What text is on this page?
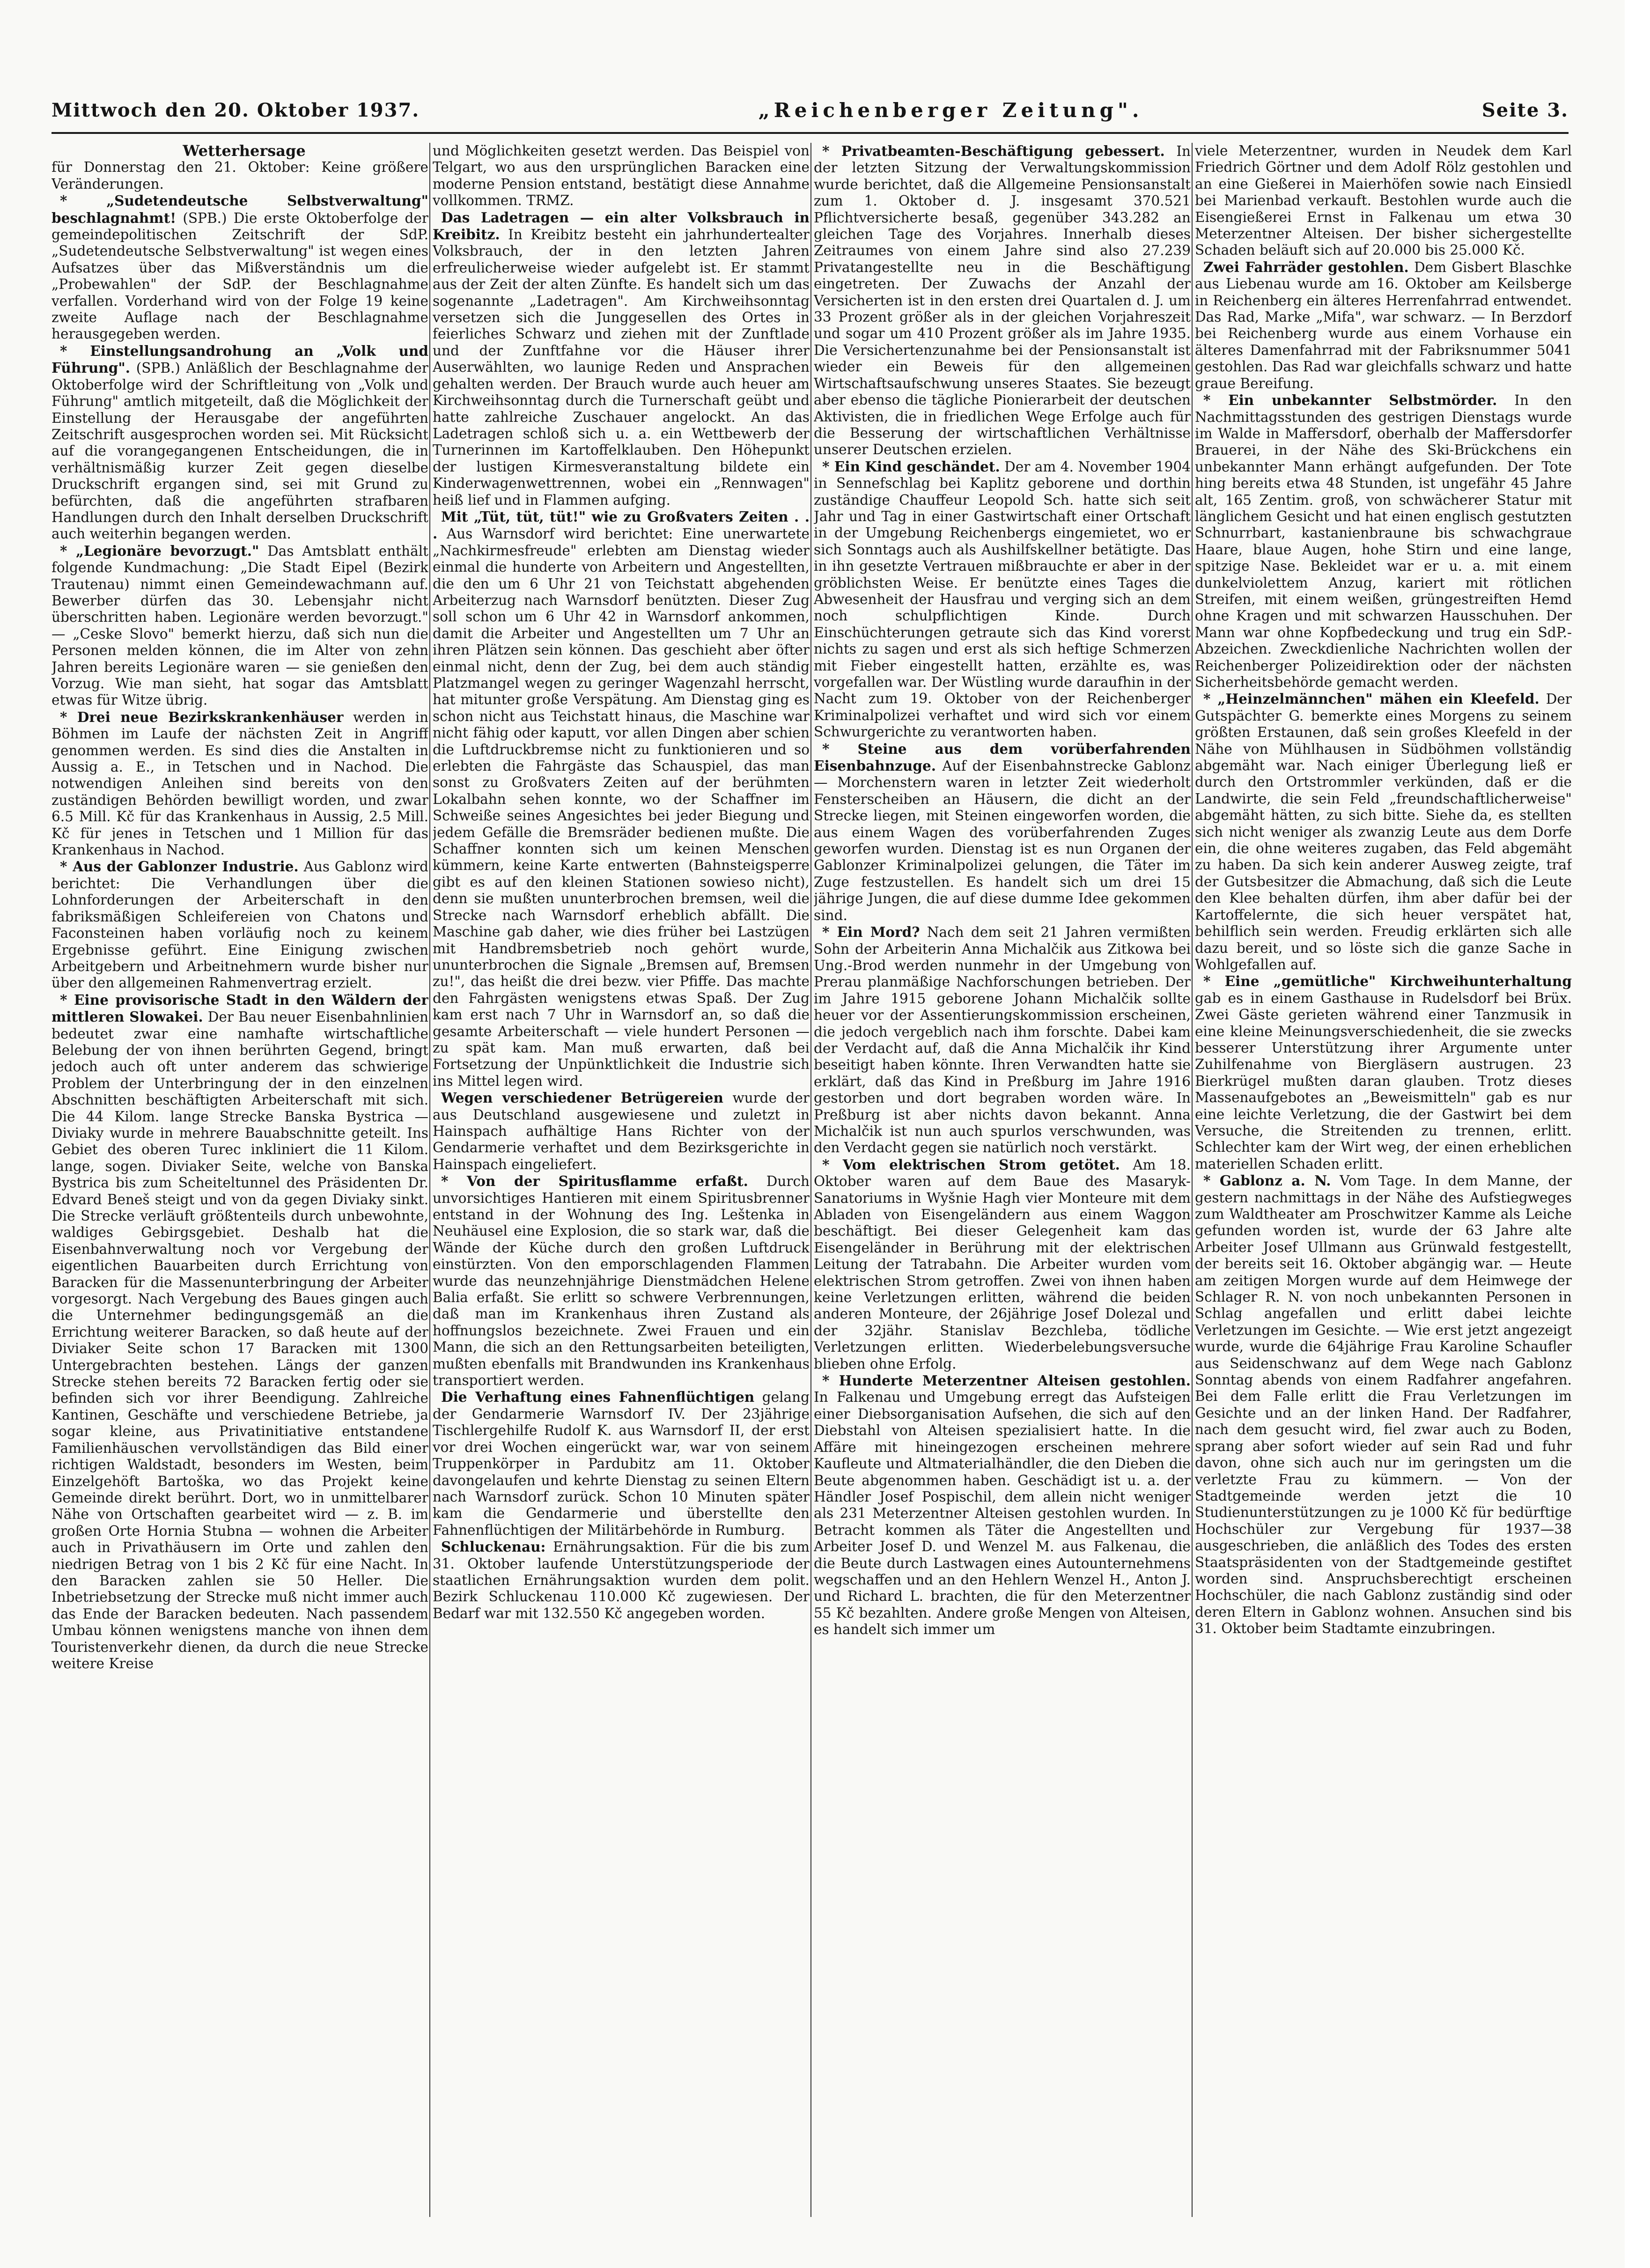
Mittwoch den 20. Oktober 1937.	„Reichenberger Zeitung".	Seite 3.

Wetterhersage

für Donnerstag den 21. Oktober: Keine größere Veränderungen.

* „Sudetendeutsche Selbstverwaltung" beschlagnahmt! (SPB.) Die erste Oktoberfolge der gemeindepolitischen Zeitschrift der SdP. „Sudetendeutsche Selbstverwaltung" ist wegen eines Aufsatzes über das Mißverständnis um die „Probewahlen" der SdP. der Beschlagnahme verfallen. Vorderhand wird von der Folge 19 keine zweite Auflage nach der Beschlagnahme herausgegeben werden.

* Einstellungsandrohung an „Volk und Führung". (SPB.) Anläßlich der Beschlagnahme der Oktoberfolge wird der Schriftleitung von „Volk und Führung" amtlich mitgeteilt, daß die Möglichkeit der Einstellung der Herausgabe der angeführten Zeitschrift ausgesprochen worden sei. Mit Rücksicht auf die vorangegangenen Entscheidungen, die in verhältnismäßig kurzer Zeit gegen dieselbe Druckschrift ergangen sind, sei mit Grund zu befürchten, daß die angeführten strafbaren Handlungen durch den Inhalt derselben Druckschrift auch weiterhin begangen werden.

* „Legionäre bevorzugt." Das Amtsblatt enthält folgende Kundmachung: „Die Stadt Eipel (Bezirk Trautenau) nimmt einen Gemeindewachmann auf. Bewerber dürfen das 30. Lebensjahr nicht überschritten haben. Legionäre werden bevorzugt." — „Ceske Slovo" bemerkt hierzu, daß sich nun die Personen melden können, die im Alter von zehn Jahren bereits Legionäre waren — sie genießen den Vorzug. Wie man sieht, hat sogar das Amtsblatt etwas für Witze übrig.

* Drei neue Bezirkskrankenhäuser werden in Böhmen im Laufe der nächsten Zeit in Angriff genommen werden. Es sind dies die Anstalten in Aussig a. E., in Tetschen und in Nachod. Die notwendigen Anleihen sind bereits von den zuständigen Behörden bewilligt worden, und zwar 6.5 Mill. Kč für das Krankenhaus in Aussig, 2.5 Mill. Kč für jenes in Tetschen und 1 Million für das Krankenhaus in Nachod.

* Aus der Gablonzer Industrie. Aus Gablonz wird berichtet: Die Verhandlungen über die Lohnforderungen der Arbeiterschaft in den fabriksmäßigen Schleifereien von Chatons und Faconsteinen haben vorläufig noch zu keinem Ergebnisse geführt. Eine Einigung zwischen Arbeitgebern und Arbeitnehmern wurde bisher nur über den allgemeinen Rahmenvertrag erzielt.

* Eine provisorische Stadt in den Wäldern der mittleren Slowakei. Der Bau neuer Eisenbahnlinien bedeutet zwar eine namhafte wirtschaftliche Belebung der von ihnen berührten Gegend, bringt jedoch auch oft unter anderem das schwierige Problem der Unterbringung der in den einzelnen Abschnitten beschäftigten Arbeiterschaft mit sich. Die 44 Kilom. lange Strecke Banska Bystrica — Diviaky wurde in mehrere Bauabschnitte geteilt. Ins Gebiet des oberen Turec inkliniert die 11 Kilom. lange, sogen. Diviaker Seite, welche von Banska Bystrica bis zum Scheiteltunnel des Präsidenten Dr. Edvard Beneš steigt und von da gegen Diviaky sinkt. Die Strecke verläuft größtenteils durch unbewohnte, waldiges Gebirgsgebiet. Deshalb hat die Eisenbahnverwaltung noch vor Vergebung der eigentlichen Bauarbeiten durch Errichtung von Baracken für die Massenunterbringung der Arbeiter vorgesorgt. Nach Vergebung des Baues gingen auch die Unternehmer bedingungsgemäß an die Errichtung weiterer Baracken, so daß heute auf der Diviaker Seite schon 17 Baracken mit 1300 Untergebrachten bestehen. Längs der ganzen Strecke stehen bereits 72 Baracken fertig oder sie befinden sich vor ihrer Beendigung. Zahlreiche Kantinen, Geschäfte und verschiedene Betriebe, ja sogar kleine, aus Privatinitiative entstandene Familienhäuschen vervollständigen das Bild einer richtigen Waldstadt, besonders im Westen, beim Einzelgehöft Bartoška, wo das Projekt keine Gemeinde direkt berührt. Dort, wo in unmittelbarer Nähe von Ortschaften gearbeitet wird — z. B. im großen Orte Hornia Stubna — wohnen die Arbeiter auch in Privathäusern im Orte und zahlen den niedrigen Betrag von 1 bis 2 Kč für eine Nacht. In den Baracken zahlen sie 50 Heller. Die Inbetriebsetzung der Strecke muß nicht immer auch das Ende der Baracken bedeuten. Nach passendem Umbau können wenigstens manche von ihnen dem Touristenverkehr dienen, da durch die neue Strecke weitere Kreise

und Möglichkeiten gesetzt werden. Das Beispiel von Telgart, wo aus den ursprünglichen Baracken eine moderne Pension entstand, bestätigt diese Annahme vollkommen. TRMZ.

Das Ladetragen — ein alter Volksbrauch in Kreibitz. In Kreibitz besteht ein jahrhundertealter Volksbrauch, der in den letzten Jahren erfreulicherweise wieder aufgelebt ist. Er stammt aus der Zeit der alten Zünfte. Es handelt sich um das sogenannte „Ladetragen". Am Kirchweihsonntag versetzen sich die Junggesellen des Ortes in feierliches Schwarz und ziehen mit der Zunftlade und der Zunftfahne vor die Häuser ihrer Auserwählten, wo launige Reden und Ansprachen gehalten werden. Der Brauch wurde auch heuer am Kirchweihsonntag durch die Turnerschaft geübt und hatte zahlreiche Zuschauer angelockt. An das Ladetragen schloß sich u. a. ein Wettbewerb der Turnerinnen im Kartoffelklauben. Den Höhepunkt der lustigen Kirmesveranstaltung bildete ein Kinderwagenwettrennen, wobei ein „Rennwagen" heiß lief und in Flammen aufging.

Mit „Tüt, tüt, tüt!" wie zu Großvaters Zeiten . . . Aus Warnsdorf wird berichtet: Eine unerwartete „Nachkirmesfreude" erlebten am Dienstag wieder einmal die hunderte von Arbeitern und Angestellten, die den um 6 Uhr 21 von Teichstatt abgehenden Arbeiterzug nach Warnsdorf benützten. Dieser Zug soll schon um 6 Uhr 42 in Warnsdorf ankommen, damit die Arbeiter und Angestellten um 7 Uhr an ihren Plätzen sein können. Das geschieht aber öfter einmal nicht, denn der Zug, bei dem auch ständig Platzmangel wegen zu geringer Wagenzahl herrscht, hat mitunter große Verspätung. Am Dienstag ging es schon nicht aus Teichstatt hinaus, die Maschine war nicht fähig oder kaputt, vor allen Dingen aber schien die Luftdruckbremse nicht zu funktionieren und so erlebten die Fahrgäste das Schauspiel, das man sonst zu Großvaters Zeiten auf der berühmten Lokalbahn sehen konnte, wo der Schaffner im Schweiße seines Angesichtes bei jeder Biegung und jedem Gefälle die Bremsräder bedienen mußte. Die Schaffner konnten sich um keinen Menschen kümmern, keine Karte entwerten (Bahnsteigsperre gibt es auf den kleinen Stationen sowieso nicht), denn sie mußten ununterbrochen bremsen, weil die Strecke nach Warnsdorf erheblich abfällt. Die Maschine gab daher, wie dies früher bei Lastzügen mit Handbremsbetrieb noch gehört wurde, ununterbrochen die Signale „Bremsen auf, Bremsen zu!", das heißt die drei bezw. vier Pfiffe. Das machte den Fahrgästen wenigstens etwas Spaß. Der Zug kam erst nach 7 Uhr in Warnsdorf an, so daß die gesamte Arbeiterschaft — viele hundert Personen — zu spät kam. Man muß erwarten, daß bei Fortsetzung der Unpünktlichkeit die Industrie sich ins Mittel legen wird.

Wegen verschiedener Betrügereien wurde der aus Deutschland ausgewiesene und zuletzt in Hainspach aufhältige Hans Richter von der Gendarmerie verhaftet und dem Bezirksgerichte in Hainspach eingeliefert.

* Von der Spiritusflamme erfaßt. Durch unvorsichtiges Hantieren mit einem Spiritusbrenner entstand in der Wohnung des Ing. Leštenka in Neuhäusel eine Explosion, die so stark war, daß die Wände der Küche durch den großen Luftdruck einstürzten. Von den emporschlagenden Flammen wurde das neunzehnjährige Dienstmädchen Helene Balia erfaßt. Sie erlitt so schwere Verbrennungen, daß man im Krankenhaus ihren Zustand als hoffnungslos bezeichnete. Zwei Frauen und ein Mann, die sich an den Rettungsarbeiten beteiligten, mußten ebenfalls mit Brandwunden ins Krankenhaus transportiert werden.

Die Verhaftung eines Fahnenflüchtigen gelang der Gendarmerie Warnsdorf IV. Der 23jährige Tischlergehilfe Rudolf K. aus Warnsdorf II, der erst vor drei Wochen eingerückt war, war von seinem Truppenkörper in Pardubitz am 11. Oktober davongelaufen und kehrte Dienstag zu seinen Eltern nach Warnsdorf zurück. Schon 10 Minuten später kam die Gendarmerie und überstellte den Fahnenflüchtigen der Militärbehörde in Rumburg.

Schluckenau: Ernährungsaktion. Für die bis zum 31. Oktober laufende Unterstützungsperiode der staatlichen Ernährungsaktion wurden dem polit. Bezirk Schluckenau 110.000 Kč zugewiesen. Der Bedarf war mit 132.550 Kč angegeben worden.

* Privatbeamten-Beschäftigung gebessert. In der letzten Sitzung der Verwaltungskommission wurde berichtet, daß die Allgemeine Pensionsanstalt zum 1. Oktober d. J. insgesamt 370.521 Pflichtversicherte besaß, gegenüber 343.282 an gleichen Tage des Vorjahres. Innerhalb dieses Zeitraumes von einem Jahre sind also 27.239 Privatangestellte neu in die Beschäftigung eingetreten. Der Zuwachs der Anzahl der Versicherten ist in den ersten drei Quartalen d. J. um 33 Prozent größer als in der gleichen Vorjahreszeit und sogar um 410 Prozent größer als im Jahre 1935. Die Versichertenzunahme bei der Pensionsanstalt ist wieder ein Beweis für den allgemeinen Wirtschaftsaufschwung unseres Staates. Sie bezeugt aber ebenso die tägliche Pionierarbeit der deutschen Aktivisten, die in friedlichen Wege Erfolge auch für die Besserung der wirtschaftlichen Verhältnisse unserer Deutschen erzielen.

* Ein Kind geschändet. Der am 4. November 1904 in Sennefschlag bei Kaplitz geborene und dorthin zuständige Chauffeur Leopold Sch. hatte sich seit Jahr und Tag in einer Gastwirtschaft einer Ortschaft in der Umgebung Reichenbergs eingemietet, wo er sich Sonntags auch als Aushilfskellner betätigte. Das in ihn gesetzte Vertrauen mißbrauchte er aber in der gröblichsten Weise. Er benützte eines Tages die Abwesenheit der Hausfrau und verging sich an dem noch schulpflichtigen Kinde. Durch Einschüchterungen getraute sich das Kind vorerst nichts zu sagen und erst als sich heftige Schmerzen mit Fieber eingestellt hatten, erzählte es, was vorgefallen war. Der Wüstling wurde daraufhin in der Nacht zum 19. Oktober von der Reichenberger Kriminalpolizei verhaftet und wird sich vor einem Schwurgerichte zu verantworten haben.

* Steine aus dem vorüberfahrenden Eisenbahnzuge. Auf der Eisenbahnstrecke Gablonz — Morchenstern waren in letzter Zeit wiederholt Fensterscheiben an Häusern, die dicht an der Strecke liegen, mit Steinen eingeworfen worden, die aus einem Wagen des vorüberfahrenden Zuges geworfen wurden. Dienstag ist es nun Organen der Gablonzer Kriminalpolizei gelungen, die Täter im Zuge festzustellen. Es handelt sich um drei 15 jährige Jungen, die auf diese dumme Idee gekommen sind.

* Ein Mord? Nach dem seit 21 Jahren vermißten Sohn der Arbeiterin Anna Michalčik aus Zitkowa bei Ung.-Brod werden nunmehr in der Umgebung von Prerau planmäßige Nachforschungen betrieben. Der im Jahre 1915 geborene Johann Michalčik sollte heuer vor der Assentierungskommission erscheinen, die jedoch vergeblich nach ihm forschte. Dabei kam der Verdacht auf, daß die Anna Michalčik ihr Kind beseitigt haben könnte. Ihren Verwandten hatte sie erklärt, daß das Kind in Preßburg im Jahre 1916 gestorben und dort begraben worden wäre. In Preßburg ist aber nichts davon bekannt. Anna Michalčik ist nun auch spurlos verschwunden, was den Verdacht gegen sie natürlich noch verstärkt.

* Vom elektrischen Strom getötet. Am 18. Oktober waren auf dem Baue des Masaryk-Sanatoriums in Wyšnie Hagh vier Monteure mit dem Abladen von Eisengeländern aus einem Waggon beschäftigt. Bei dieser Gelegenheit kam das Eisengeländer in Berührung mit der elektrischen Leitung der Tatrabahn. Die Arbeiter wurden vom elektrischen Strom getroffen. Zwei von ihnen haben keine Verletzungen erlitten, während die beiden anderen Monteure, der 26jährige Josef Dolezal und der 32jähr. Stanislav Bezchleba, tödliche Verletzungen erlitten. Wiederbelebungsversuche blieben ohne Erfolg.

* Hunderte Meterzentner Alteisen gestohlen. In Falkenau und Umgebung erregt das Aufsteigen einer Diebsorganisation Aufsehen, die sich auf den Diebstahl von Alteisen spezialisiert hatte. In die Affäre mit hineingezogen erscheinen mehrere Kaufleute und Altmaterialhändler, die den Dieben die Beute abgenommen haben. Geschädigt ist u. a. der Händler Josef Pospischil, dem allein nicht weniger als 231 Meterzentner Alteisen gestohlen wurden. In Betracht kommen als Täter die Angestellten und Arbeiter Josef D. und Wenzel M. aus Falkenau, die die Beute durch Lastwagen eines Autounternehmens wegschaffen und an den Hehlern Wenzel H., Anton J. und Richard L. brachten, die für den Meterzentner 55 Kč bezahlten. Andere große Mengen von Alteisen, es handelt sich immer um

viele Meterzentner, wurden in Neudek dem Karl Friedrich Görtner und dem Adolf Rölz gestohlen und an eine Gießerei in Maierhöfen sowie nach Einsiedl bei Marienbad verkauft. Bestohlen wurde auch die Eisengießerei Ernst in Falkenau um etwa 30 Meterzentner Alteisen. Der bisher sichergestellte Schaden beläuft sich auf 20.000 bis 25.000 Kč.

Zwei Fahrräder gestohlen. Dem Gisbert Blaschke aus Liebenau wurde am 16. Oktober am Keilsberge in Reichenberg ein älteres Herrenfahrrad entwendet. Das Rad, Marke „Mifa", war schwarz. — In Berzdorf bei Reichenberg wurde aus einem Vorhause ein älteres Damenfahrrad mit der Fabriksnummer 5041 gestohlen. Das Rad war gleichfalls schwarz und hatte graue Bereifung.

* Ein unbekannter Selbstmörder. In den Nachmittagsstunden des gestrigen Dienstags wurde im Walde in Maffersdorf, oberhalb der Maffersdorfer Brauerei, in der Nähe des Ski-Brückchens ein unbekannter Mann erhängt aufgefunden. Der Tote hing bereits etwa 48 Stunden, ist ungefähr 45 Jahre alt, 165 Zentim. groß, von schwächerer Statur mit länglichem Gesicht und hat einen englisch gestutzten Schnurrbart, kastanienbraune bis schwachgraue Haare, blaue Augen, hohe Stirn und eine lange, spitzige Nase. Bekleidet war er u. a. mit einem dunkelviolettem Anzug, kariert mit rötlichen Streifen, mit einem weißen, grüngestreiften Hemd ohne Kragen und mit schwarzen Hausschuhen. Der Mann war ohne Kopfbedeckung und trug ein SdP.-Abzeichen. Zweckdienliche Nachrichten wollen der Reichenberger Polizeidirektion oder der nächsten Sicherheitsbehörde gemacht werden.

* „Heinzelmännchen" mähen ein Kleefeld. Der Gutspächter G. bemerkte eines Morgens zu seinem größten Erstaunen, daß sein großes Kleefeld in der Nähe von Mühlhausen in Südböhmen vollständig abgemäht war. Nach einiger Überlegung ließ er durch den Ortstrommler verkünden, daß er die Landwirte, die sein Feld „freundschaftlicherweise" abgemäht hätten, zu sich bitte. Siehe da, es stellten sich nicht weniger als zwanzig Leute aus dem Dorfe ein, die ohne weiteres zugaben, das Feld abgemäht zu haben. Da sich kein anderer Ausweg zeigte, traf der Gutsbesitzer die Abmachung, daß sich die Leute den Klee behalten dürfen, ihm aber dafür bei der Kartoffelernte, die sich heuer verspätet hat, behilflich sein werden. Freudig erklärten sich alle dazu bereit, und so löste sich die ganze Sache in Wohlgefallen auf.

* Eine „gemütliche" Kirchweihunterhaltung gab es in einem Gasthause in Rudelsdorf bei Brüx. Zwei Gäste gerieten während einer Tanzmusik in eine kleine Meinungsverschiedenheit, die sie zwecks besserer Unterstützung ihrer Argumente unter Zuhilfenahme von Biergläsern austrugen. 23 Bierkrügel mußten daran glauben. Trotz dieses Massenaufgebotes an „Beweismitteln" gab es nur eine leichte Verletzung, die der Gastwirt bei dem Versuche, die Streitenden zu trennen, erlitt. Schlechter kam der Wirt weg, der einen erheblichen materiellen Schaden erlitt.

* Gablonz a. N. Vom Tage. In dem Manne, der gestern nachmittags in der Nähe des Aufstiegweges zum Waldtheater am Proschwitzer Kamme als Leiche gefunden worden ist, wurde der 63 Jahre alte Arbeiter Josef Ullmann aus Grünwald festgestellt, der bereits seit 16. Oktober abgängig war. — Heute am zeitigen Morgen wurde auf dem Heimwege der Schlager R. N. von noch unbekannten Personen in Schlag angefallen und erlitt dabei leichte Verletzungen im Gesichte. — Wie erst jetzt angezeigt wurde, wurde die 64jährige Frau Karoline Schaufler aus Seidenschwanz auf dem Wege nach Gablonz Sonntag abends von einem Radfahrer angefahren. Bei dem Falle erlitt die Frau Verletzungen im Gesichte und an der linken Hand. Der Radfahrer, nach dem gesucht wird, fiel zwar auch zu Boden, sprang aber sofort wieder auf sein Rad und fuhr davon, ohne sich auch nur im geringsten um die verletzte Frau zu kümmern. — Von der Stadtgemeinde werden jetzt die 10 Studienunterstützungen zu je 1000 Kč für bedürftige Hochschüler zur Vergebung für 1937—38 ausgeschrieben, die anläßlich des Todes des ersten Staatspräsidenten von der Stadtgemeinde gestiftet worden sind. Anspruchsberechtigt erscheinen Hochschüler, die nach Gablonz zuständig sind oder deren Eltern in Gablonz wohnen. Ansuchen sind bis 31. Oktober beim Stadtamte einzubringen.
